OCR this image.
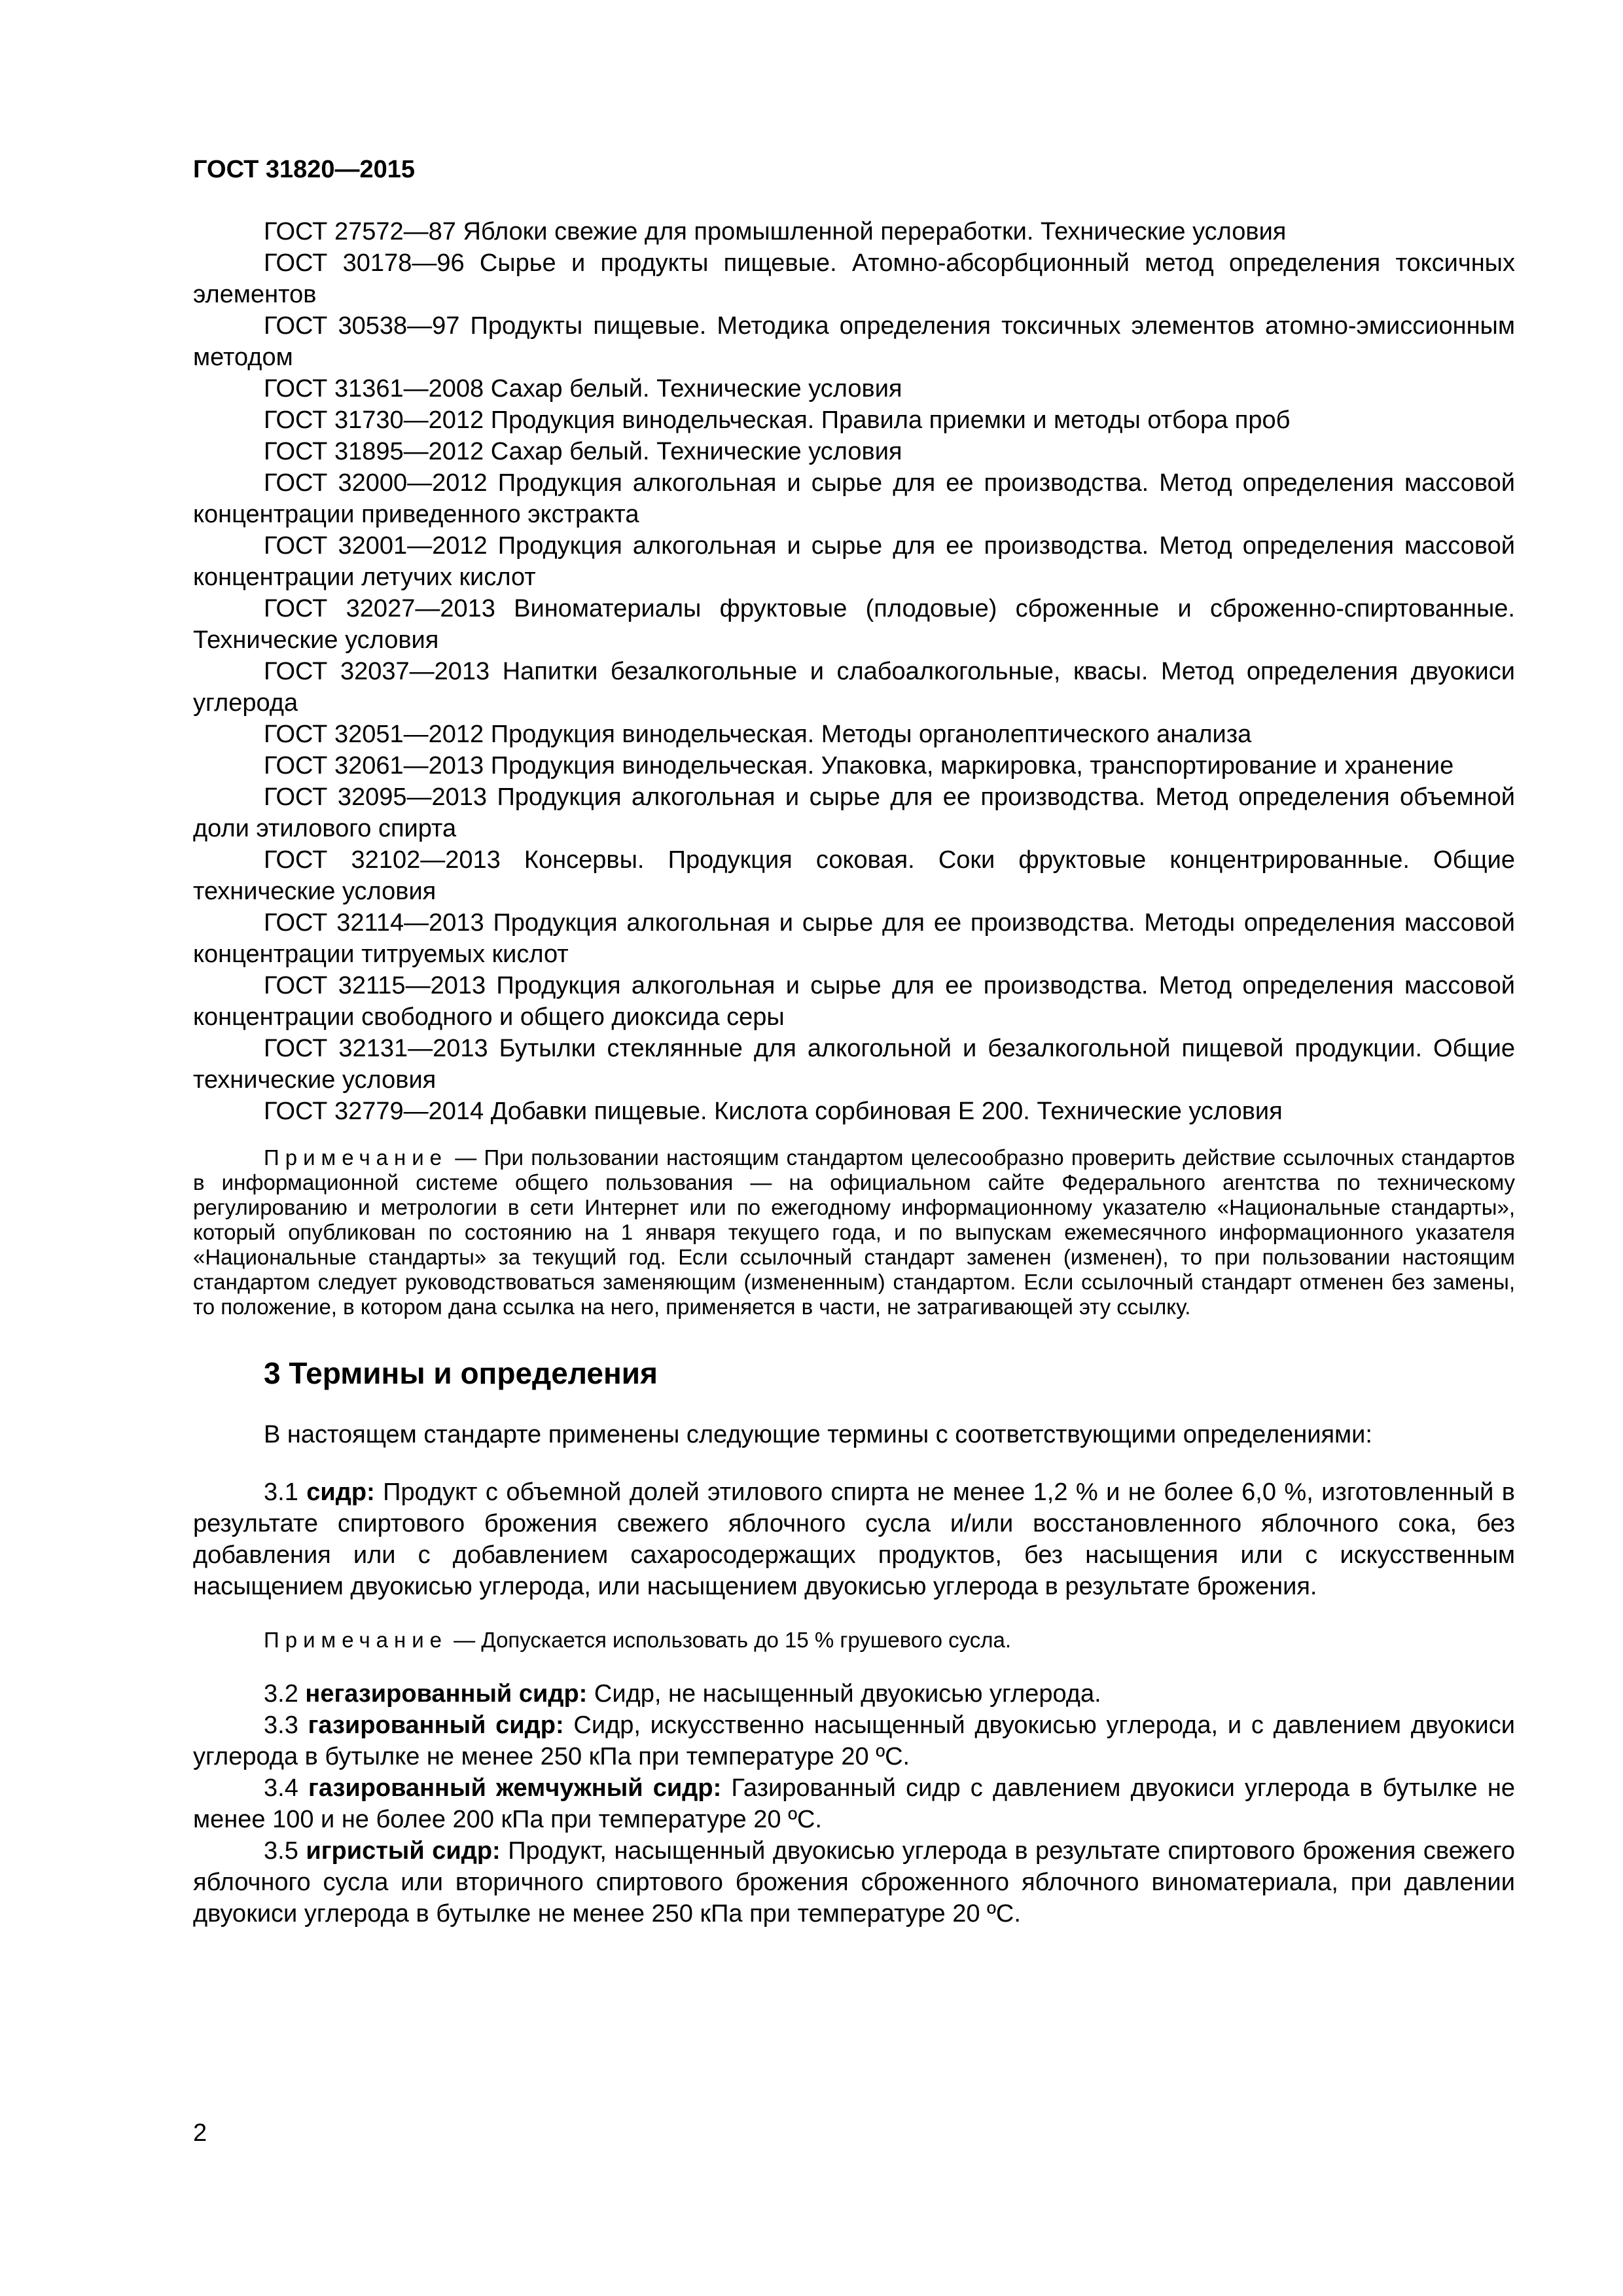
ГОСТ 31820—2015

ГОСТ 27572—87 Яблоки свежие для промышленной переработки. Технические условия

ГОСТ 30178—96 Сырье и продукты пищевые. Атомно-абсорбционный метод определения токсичных элементов

ГОСТ 30538—97 Продукты пищевые. Методика определения токсичных элементов атомно-эмиссионным методом

ГОСТ 31361—2008 Сахар белый. Технические условия

ГОСТ 31730—2012 Продукция винодельческая. Правила приемки и методы отбора проб

ГОСТ 31895—2012 Сахар белый. Технические условия

ГОСТ 32000—2012 Продукция алкогольная и сырье для ее производства. Метод определения массовой концентрации приведенного экстракта

ГОСТ 32001—2012 Продукция алкогольная и сырье для ее производства. Метод определения массовой концентрации летучих кислот

ГОСТ 32027—2013 Виноматериалы фруктовые (плодовые) сброженные и сброженно-спиртованные. Технические условия

ГОСТ 32037—2013 Напитки безалкогольные и слабоалкогольные, квасы. Метод определения двуокиси углерода

ГОСТ 32051—2012 Продукция винодельческая. Методы органолептического анализа

ГОСТ 32061—2013 Продукция винодельческая. Упаковка, маркировка, транспортирование и хранение

ГОСТ 32095—2013 Продукция алкогольная и сырье для ее производства. Метод определения объемной доли этилового спирта

ГОСТ 32102—2013 Консервы. Продукция соковая. Соки фруктовые концентрированные. Общие технические условия

ГОСТ 32114—2013 Продукция алкогольная и сырье для ее производства. Методы определения массовой концентрации титруемых кислот

ГОСТ 32115—2013 Продукция алкогольная и сырье для ее производства. Метод определения массовой концентрации свободного и общего диоксида серы

ГОСТ 32131—2013 Бутылки стеклянные для алкогольной и безалкогольной пищевой продукции. Общие технические условия

ГОСТ 32779—2014 Добавки пищевые. Кислота сорбиновая Е 200. Технические условия

Примечание — При пользовании настоящим стандартом целесообразно проверить действие ссылочных стандартов в информационной системе общего пользования — на официальном сайте Федерального агентства по техническому регулированию и метрологии в сети Интернет или по ежегодному информационному указателю «Национальные стандарты», который опубликован по состоянию на 1 января текущего года, и по выпускам ежемесячного информационного указателя «Национальные стандарты» за текущий год. Если ссылочный стандарт заменен (изменен), то при пользовании настоящим стандартом следует руководствоваться заменяющим (измененным) стандартом. Если ссылочный стандарт отменен без замены, то положение, в котором дана ссылка на него, применяется в части, не затрагивающей эту ссылку.
3 Термины и определения
В настоящем стандарте применены следующие термины с соответствующими определениями:

3.1 сидр: Продукт с объемной долей этилового спирта не менее 1,2 % и не более 6,0 %, изготовленный в результате спиртового брожения свежего яблочного сусла и/или восстановленного яблочного сока, без добавления или с добавлением сахаросодержащих продуктов, без насыщения или с искусственным насыщением двуокисью углерода, или насыщением двуокисью углерода в результате брожения.

Примечание — Допускается использовать до 15 % грушевого сусла.

3.2 негазированный сидр: Сидр, не насыщенный двуокисью углерода.

3.3 газированный сидр: Сидр, искусственно насыщенный двуокисью углерода, и с давлением двуокиси углерода в бутылке не менее 250 кПа при температуре 20 ºС.

3.4 газированный жемчужный сидр: Газированный сидр с давлением двуокиси углерода в бутылке не менее 100 и не более 200 кПа при температуре 20 ºС.

3.5 игристый сидр: Продукт, насыщенный двуокисью углерода в результате спиртового брожения свежего яблочного сусла или вторичного спиртового брожения сброженного яблочного виноматериала, при давлении двуокиси углерода в бутылке не менее 250 кПа при температуре 20 ºС.

2
